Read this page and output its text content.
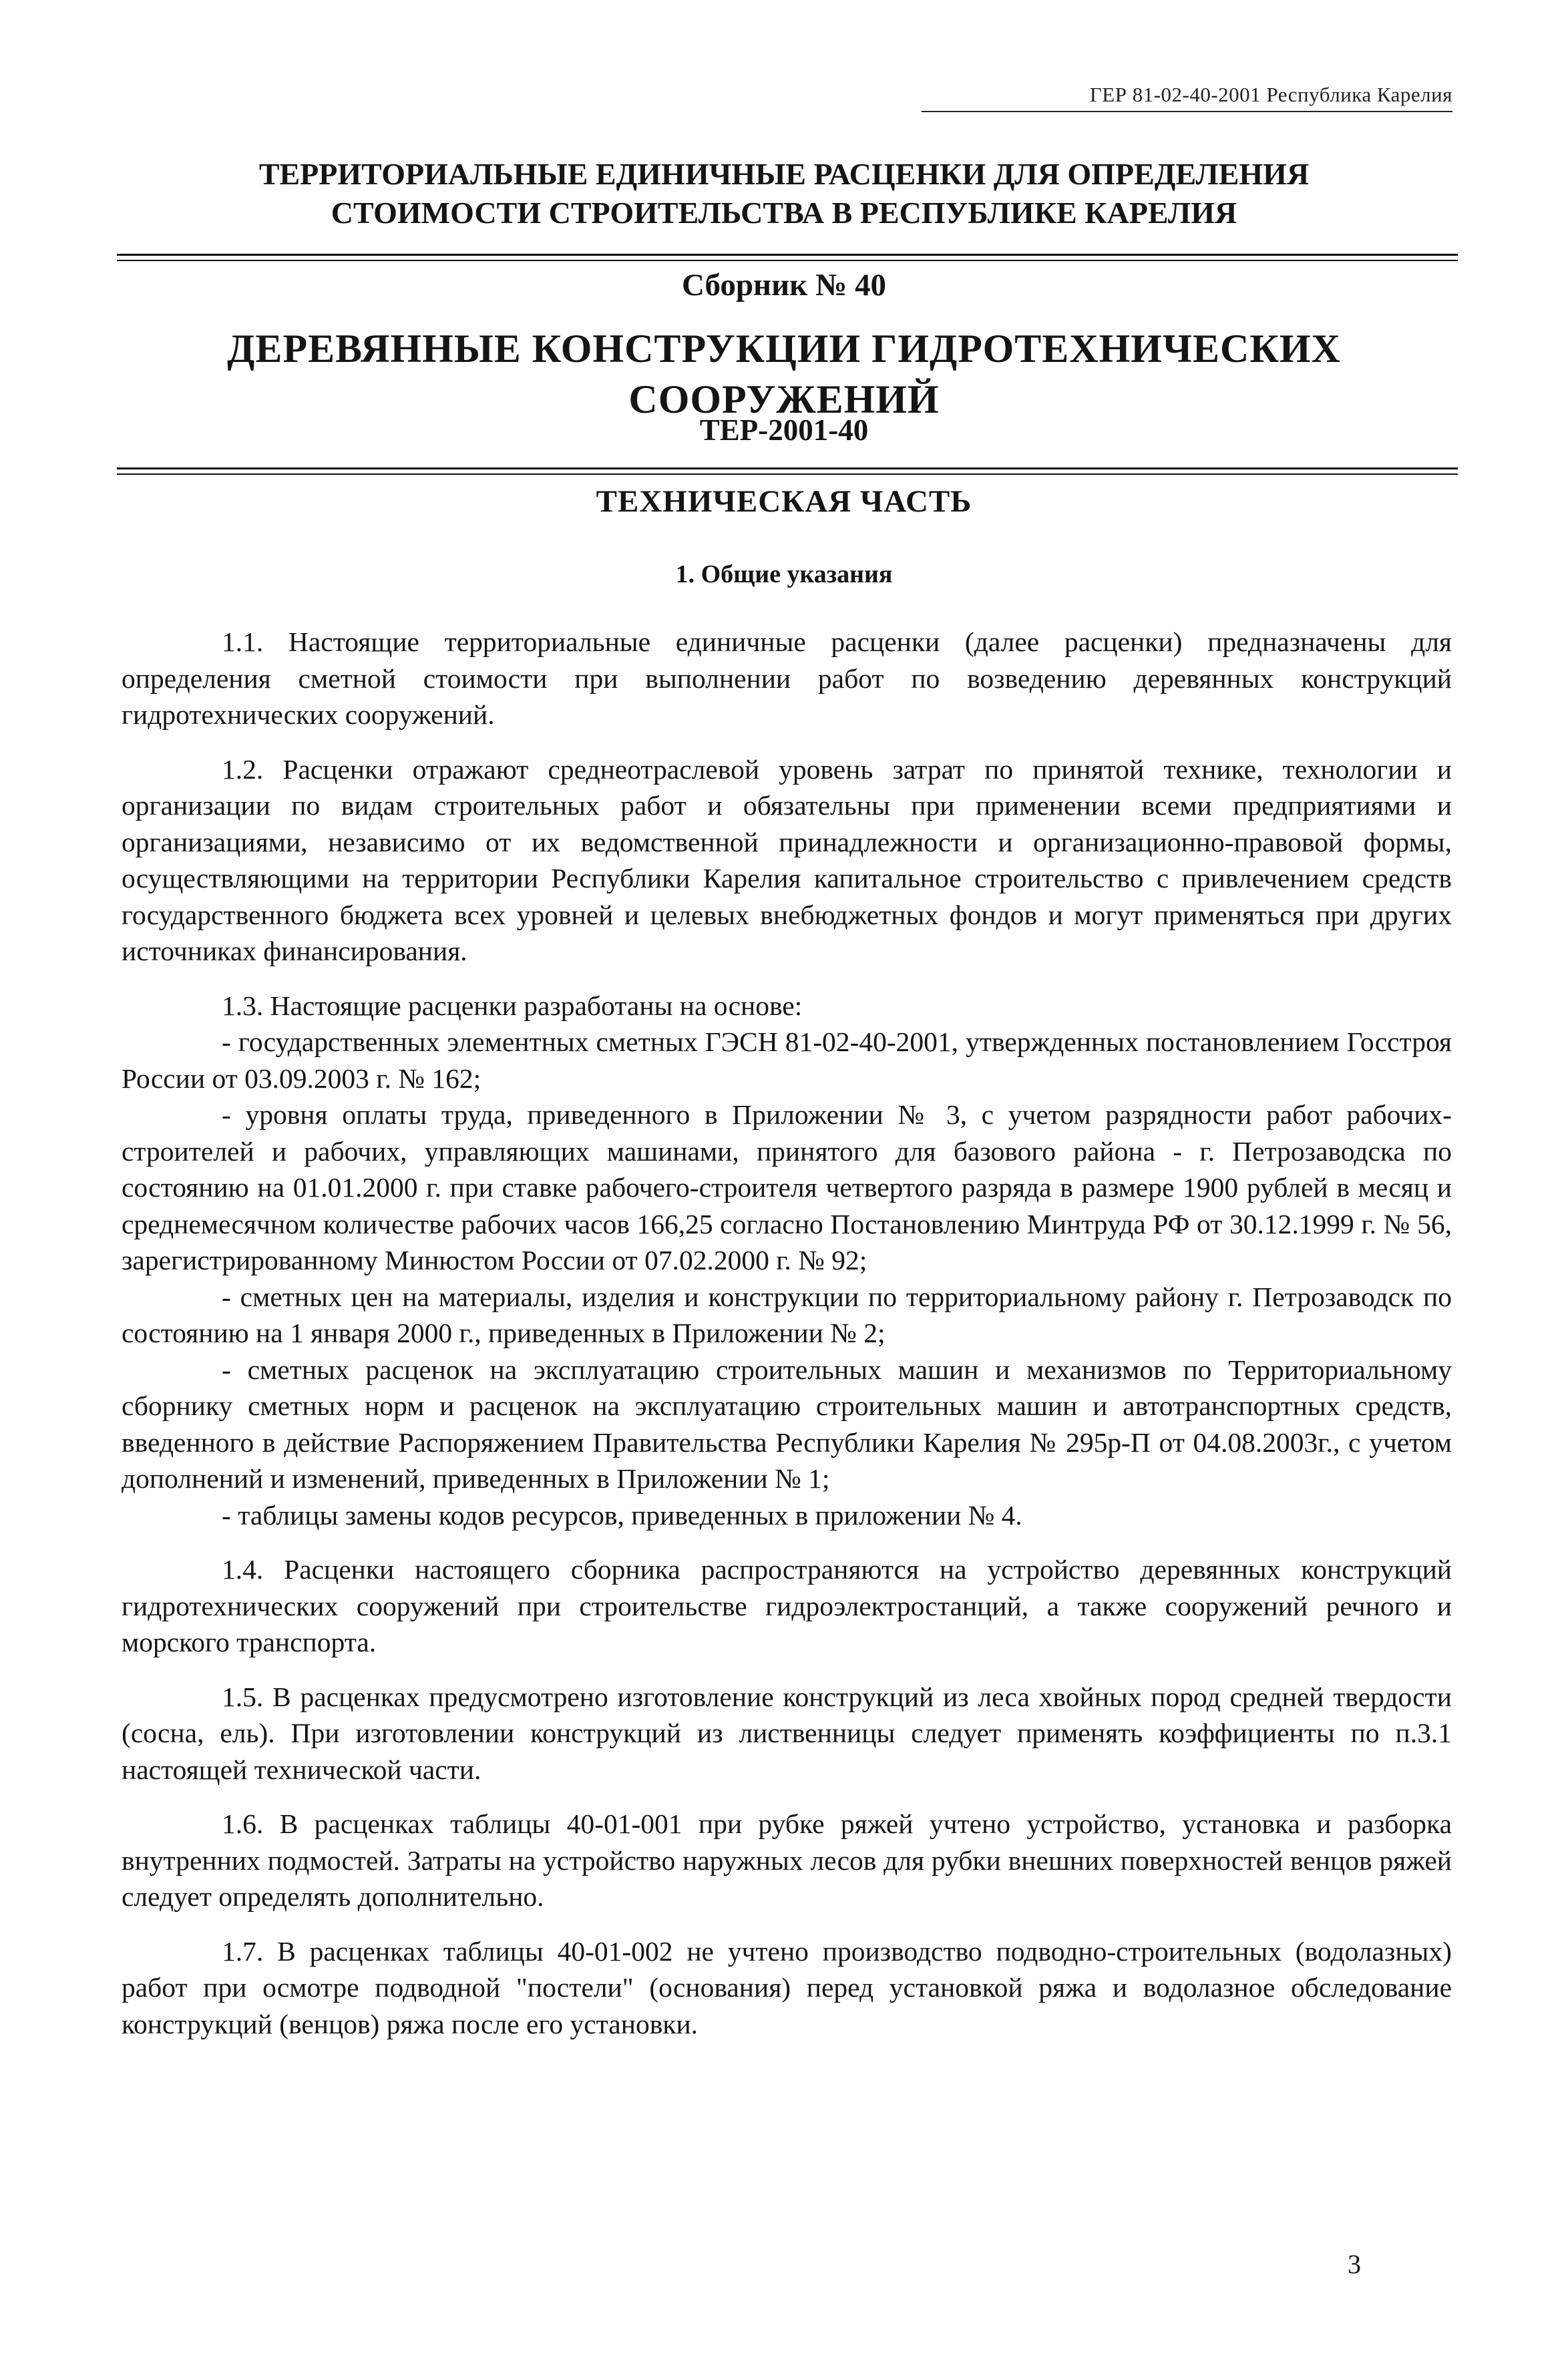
ГЕР 81-02-40-2001 Республика Карелия
ТЕРРИТОРИАЛЬНЫЕ ЕДИНИЧНЫЕ РАСЦЕНКИ ДЛЯ ОПРЕДЕЛЕНИЯ
СТОИМОСТИ СТРОИТЕЛЬСТВА В РЕСПУБЛИКЕ КАРЕЛИЯ
Сборник № 40
ДЕРЕВЯННЫЕ КОНСТРУКЦИИ ГИДРОТЕХНИЧЕСКИХ
СООРУЖЕНИЙ
ТЕР-2001-40
ТЕХНИЧЕСКАЯ ЧАСТЬ
1. Общие указания

1.1. Настоящие территориальные единичные расценки (далее расценки) предназначены для определения сметной стоимости при выполнении работ по возведению деревянных конструкций гидротехнических сооружений.

1.2. Расценки отражают среднеотраслевой уровень затрат по принятой технике, технологии и организации по видам строительных работ и обязательны при применении всеми предприятиями и организациями, независимо от их ведомственной принадлежности и организационно-правовой формы, осуществляющими на территории Республики Карелия капитальное строительство с привлечением средств государственного бюджета всех уровней и целевых внебюджетных фондов и могут применяться при других источниках финансирования.

1.3. Настоящие расценки разработаны на основе:

- государственных элементных сметных ГЭСН 81-02-40-2001, утвержденных постановлением Госстроя России от 03.09.2003 г. № 162;

- уровня оплаты труда, приведенного в Приложении № 3, с учетом разрядности работ рабочих-строителей и рабочих, управляющих машинами, принятого для базового района - г. Петрозаводска по состоянию на 01.01.2000 г. при ставке рабочего-строителя четвертого разряда в размере 1900 рублей в месяц и среднемесячном количестве рабочих часов 166,25 согласно Постановлению Минтруда РФ от 30.12.1999 г. № 56, зарегистрированному Минюстом России от 07.02.2000 г. № 92;

- сметных цен на материалы, изделия и конструкции по территориальному району г. Петрозаводск по состоянию на 1 января 2000 г., приведенных в Приложении № 2;

- сметных расценок на эксплуатацию строительных машин и механизмов по Территориальному сборнику сметных норм и расценок на эксплуатацию строительных машин и автотранспортных средств, введенного в действие Распоряжением Правительства Республики Карелия № 295р-П от 04.08.2003г., с учетом дополнений и изменений, приведенных в Приложении № 1;

- таблицы замены кодов ресурсов, приведенных в приложении № 4.

1.4. Расценки настоящего сборника распространяются на устройство деревянных конструкций гидротехнических сооружений при строительстве гидроэлектростанций, а также сооружений речного и морского транспорта.

1.5. В расценках предусмотрено изготовление конструкций из леса хвойных пород средней твердости (сосна, ель). При изготовлении конструкций из лиственницы следует применять коэффициенты по п.3.1 настоящей технической части.

1.6. В расценках таблицы 40-01-001 при рубке ряжей учтено устройство, установка и разборка внутренних подмостей. Затраты на устройство наружных лесов для рубки внешних поверхностей венцов ряжей следует определять дополнительно.

1.7. В расценках таблицы 40-01-002 не учтено производство подводно-строительных (водолазных) работ при осмотре подводной "постели" (основания) перед установкой ряжа и водолазное обследование конструкций (венцов) ряжа после его установки.

3
